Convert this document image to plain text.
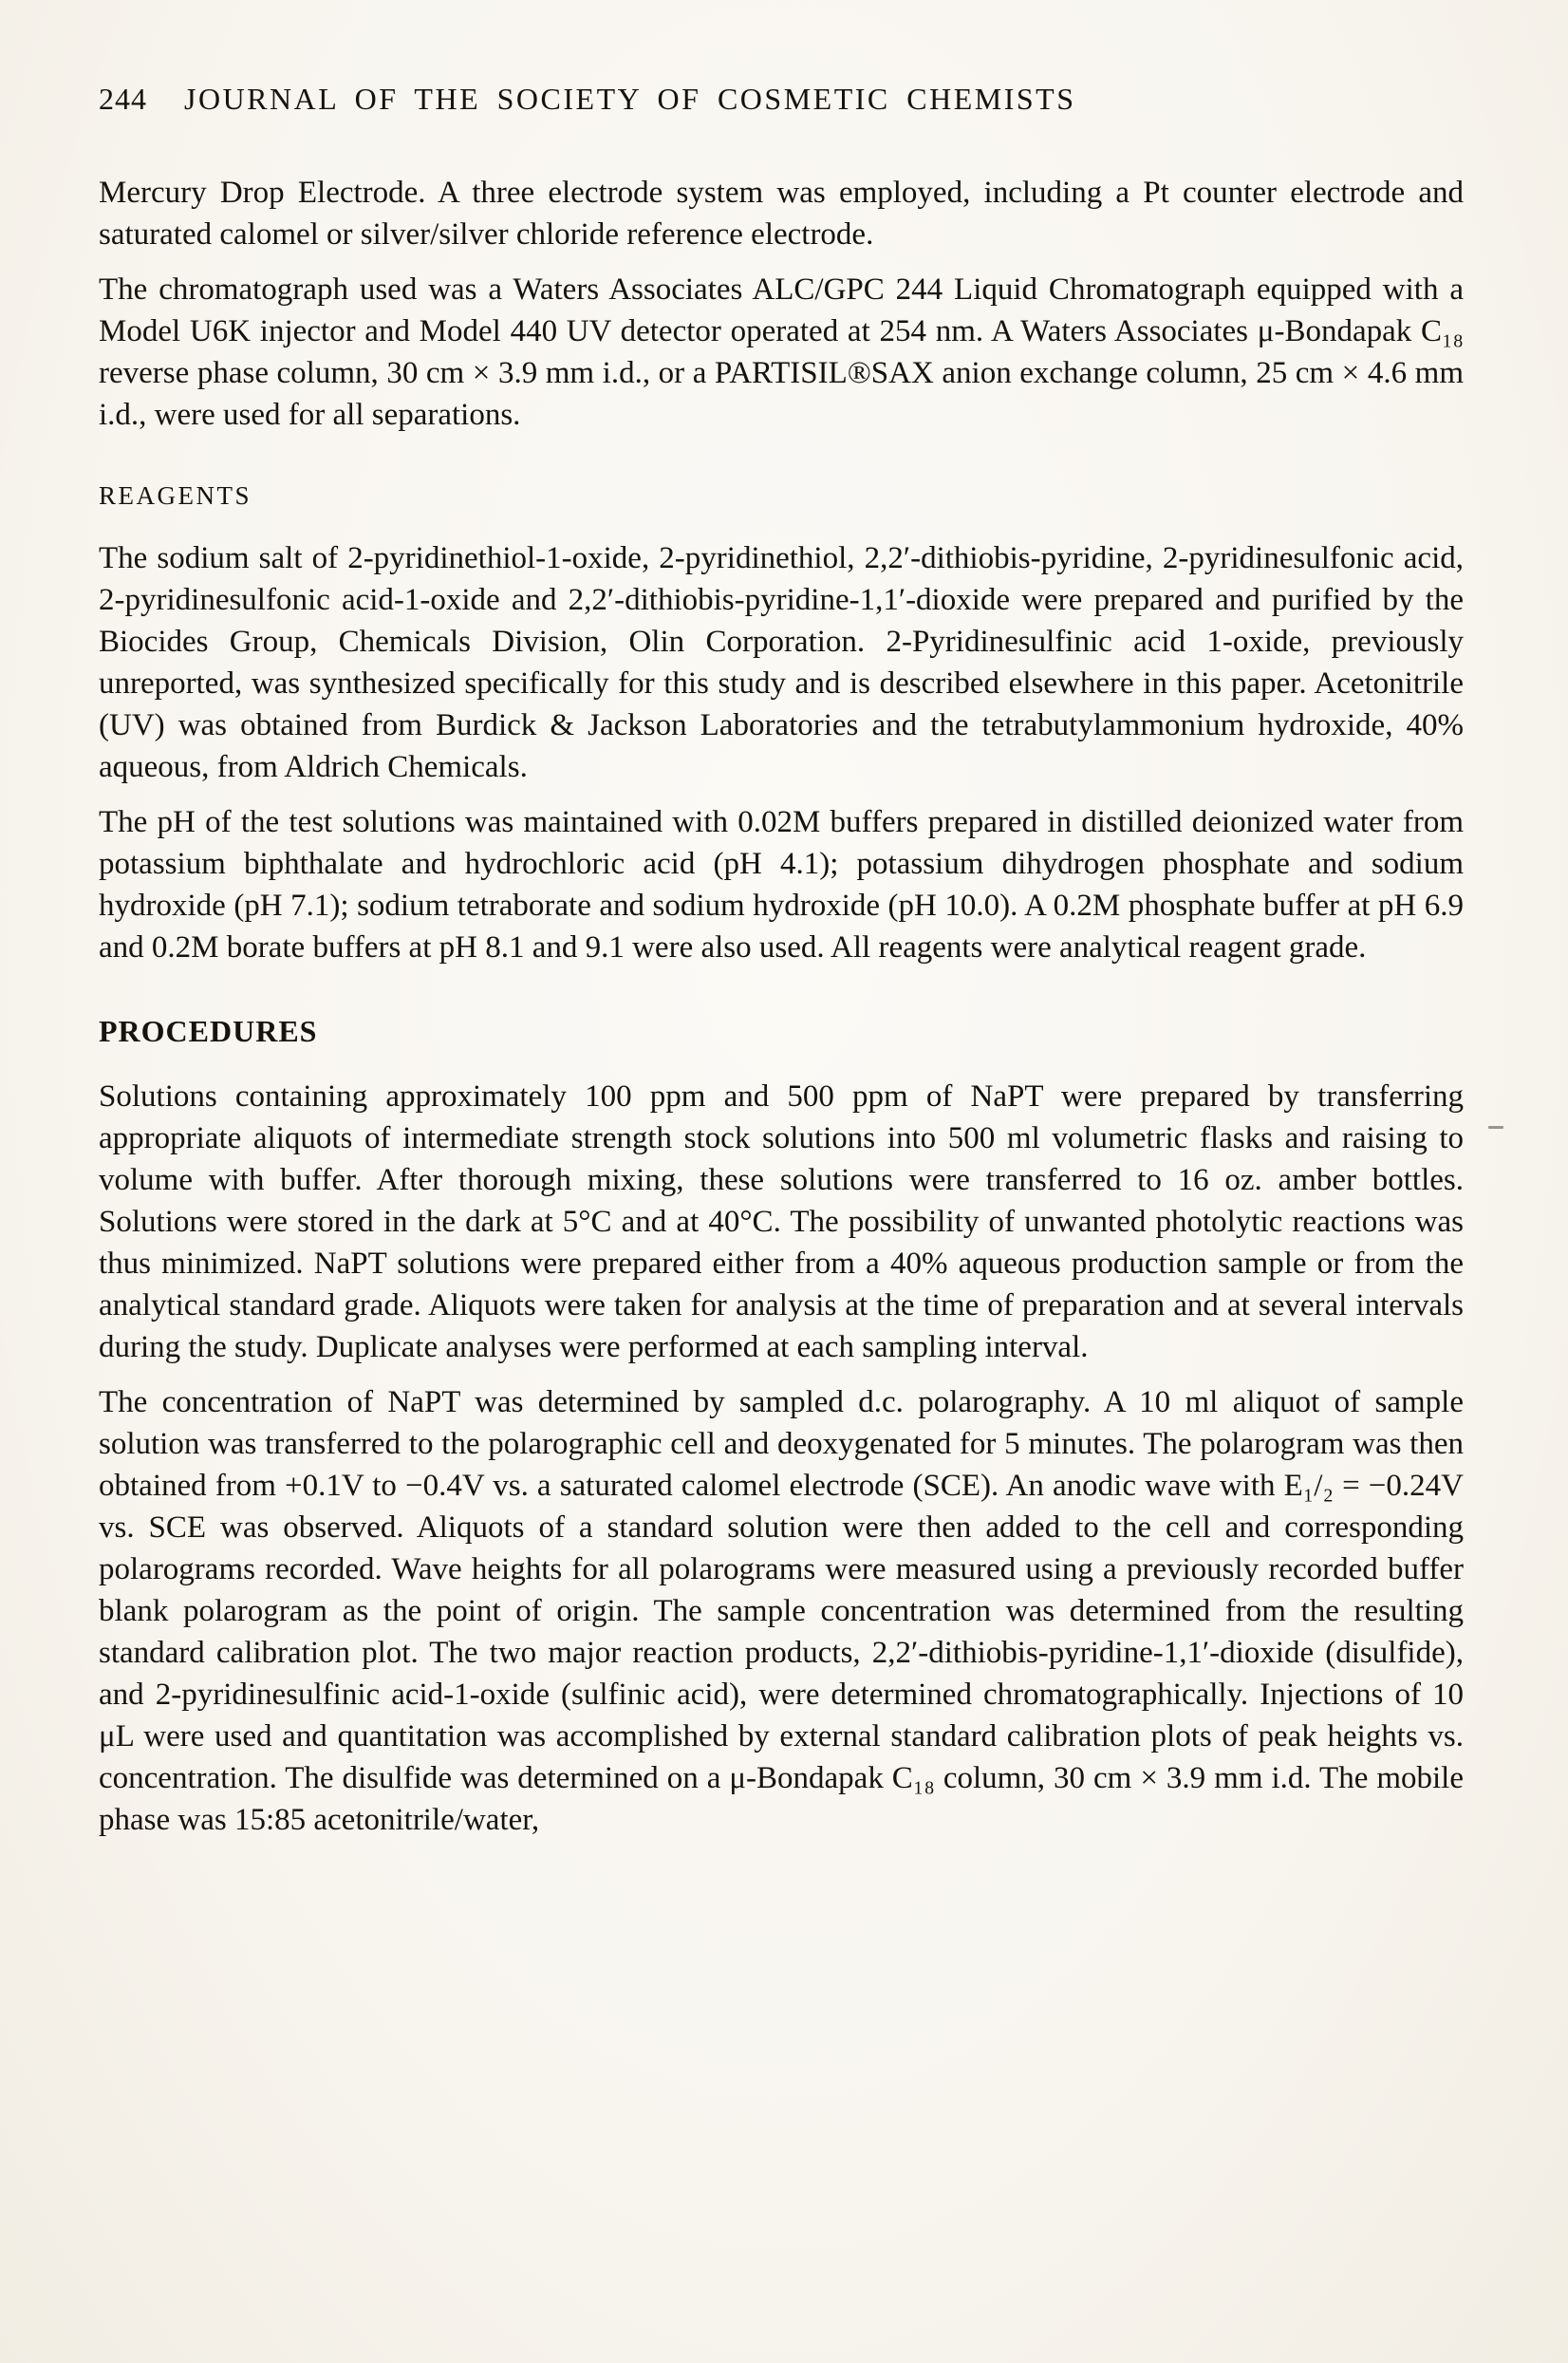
244	JOURNAL OF THE SOCIETY OF COSMETIC CHEMISTS

Mercury Drop Electrode. A three electrode system was employed, including a Pt counter electrode and saturated calomel or silver/silver chloride reference electrode.

The chromatograph used was a Waters Associates ALC/GPC 244 Liquid Chromatograph equipped with a Model U6K injector and Model 440 UV detector operated at 254 nm. A Waters Associates μ-Bondapak C₁₈ reverse phase column, 30 cm × 3.9 mm i.d., or a PARTISIL®SAX anion exchange column, 25 cm × 4.6 mm i.d., were used for all separations.

REAGENTS

The sodium salt of 2-pyridinethiol-1-oxide, 2-pyridinethiol, 2,2′-dithiobis-pyridine, 2-pyridinesulfonic acid, 2-pyridinesulfonic acid-1-oxide and 2,2′-dithiobis-pyridine-1,1′-dioxide were prepared and purified by the Biocides Group, Chemicals Division, Olin Corporation. 2-Pyridinesulfinic acid 1-oxide, previously unreported, was synthesized specifically for this study and is described elsewhere in this paper. Acetonitrile (UV) was obtained from Burdick & Jackson Laboratories and the tetrabutylammonium hydroxide, 40% aqueous, from Aldrich Chemicals.

The pH of the test solutions was maintained with 0.02M buffers prepared in distilled deionized water from potassium biphthalate and hydrochloric acid (pH 4.1); potassium dihydrogen phosphate and sodium hydroxide (pH 7.1); sodium tetraborate and sodium hydroxide (pH 10.0). A 0.2M phosphate buffer at pH 6.9 and 0.2M borate buffers at pH 8.1 and 9.1 were also used. All reagents were analytical reagent grade.

PROCEDURES

Solutions containing approximately 100 ppm and 500 ppm of NaPT were prepared by transferring appropriate aliquots of intermediate strength stock solutions into 500 ml volumetric flasks and raising to volume with buffer. After thorough mixing, these solutions were transferred to 16 oz. amber bottles. Solutions were stored in the dark at 5°C and at 40°C. The possibility of unwanted photolytic reactions was thus minimized. NaPT solutions were prepared either from a 40% aqueous production sample or from the analytical standard grade. Aliquots were taken for analysis at the time of preparation and at several intervals during the study. Duplicate analyses were performed at each sampling interval.

The concentration of NaPT was determined by sampled d.c. polarography. A 10 ml aliquot of sample solution was transferred to the polarographic cell and deoxygenated for 5 minutes. The polarogram was then obtained from +0.1V to −0.4V vs. a saturated calomel electrode (SCE). An anodic wave with E₁/₂ = −0.24V vs. SCE was observed. Aliquots of a standard solution were then added to the cell and corresponding polarograms recorded. Wave heights for all polarograms were measured using a previously recorded buffer blank polarogram as the point of origin. The sample concentration was determined from the resulting standard calibration plot. The two major reaction products, 2,2′-dithiobis-pyridine-1,1′-dioxide (disulfide), and 2-pyridinesulfinic acid-1-oxide (sulfinic acid), were determined chromatographically. Injections of 10 μL were used and quantitation was accomplished by external standard calibration plots of peak heights vs. concentration. The disulfide was determined on a μ-Bondapak C₁₈ column, 30 cm × 3.9 mm i.d. The mobile phase was 15:85 acetonitrile/water,
